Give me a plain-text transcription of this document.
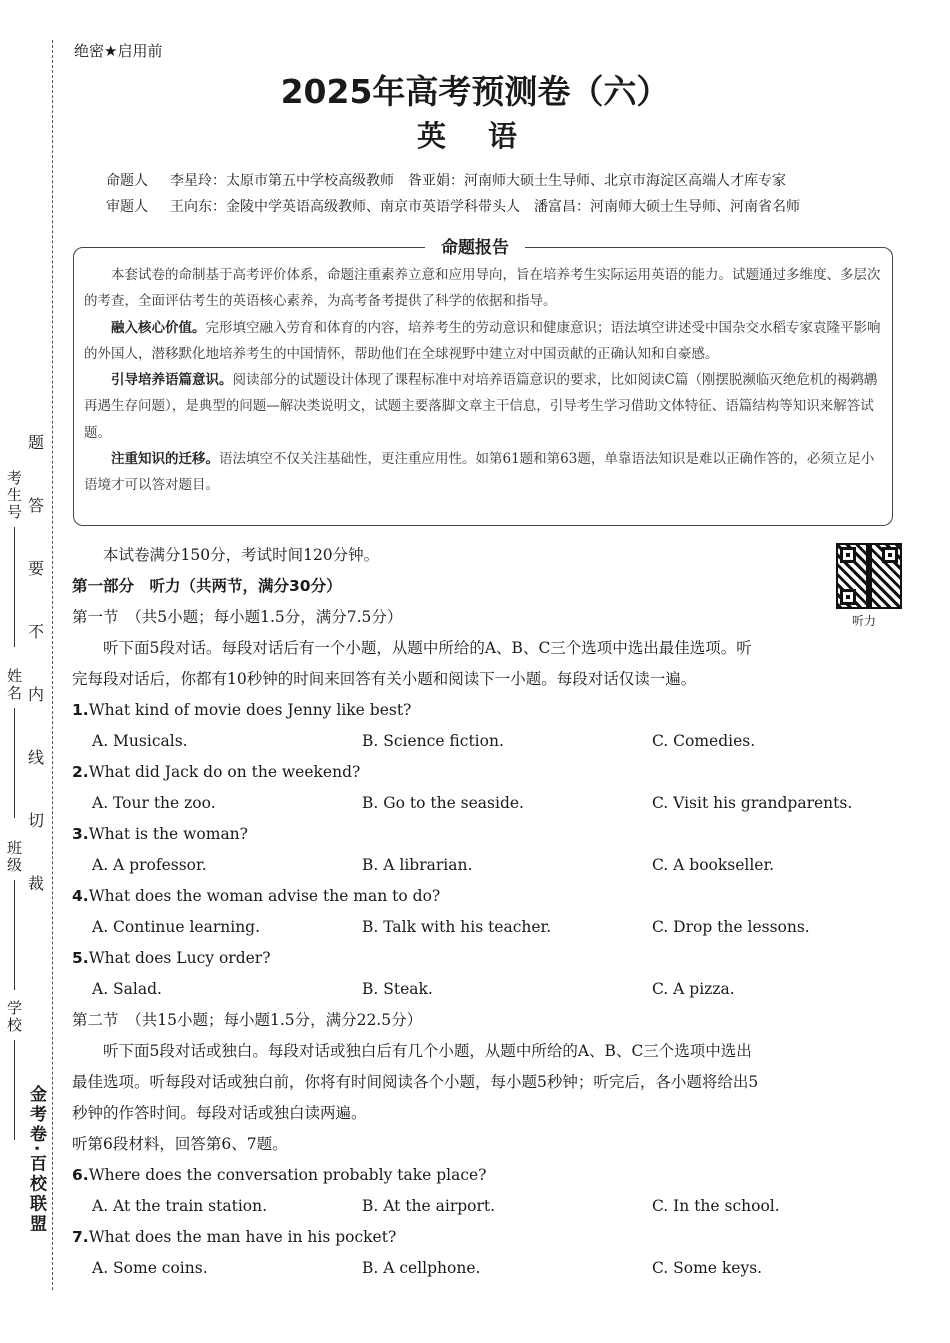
学校
班级
姓名
考生号
题
答
要
不
内
线
切
裁
金考卷·百校联盟
绝密★启用前
2025年高考预测卷（六）
英 语
命题人 李星玲：太原市第五中学校高级教师　昝亚娟：河南师大硕士生导师、北京市海淀区高端人才库专家
审题人 王向东：金陵中学英语高级教师、南京市英语学科带头人　潘富昌：河南师大硕士生导师、河南省名师
命题报告

本套试卷的命制基于高考评价体系，命题注重素养立意和应用导向，旨在培养考生实际运用英语的能力。试题通过多维度、多层次的考查，全面评估考生的英语核心素养，为高考备考提供了科学的依据和指导。

融入核心价值。完形填空融入劳育和体育的内容，培养考生的劳动意识和健康意识；语法填空讲述受中国杂交水稻专家袁隆平影响的外国人，潜移默化地培养考生的中国情怀，帮助他们在全球视野中建立对中国贡献的正确认知和自豪感。

引导培养语篇意识。阅读部分的试题设计体现了课程标准中对培养语篇意识的要求，比如阅读C篇（刚摆脱濒临灭绝危机的褐鹈鹕再遇生存问题），是典型的问题—解决类说明文，试题主要落脚文章主干信息，引导考生学习借助文体特征、语篇结构等知识来解答试题。

注重知识的迁移。语法填空不仅关注基础性，更注重应用性。如第61题和第63题，单靠语法知识是难以正确作答的，必须立足小语境才可以答对题目。

听力
本试卷满分150分，考试时间120分钟。
第一部分　听力（共两节，满分30分）
第一节　（共5小题；每小题1.5分，满分7.5分）
听下面5段对话。每段对话后有一个小题，从题中所给的A、B、C三个选项中选出最佳选项。听
完每段对话后，你都有10秒钟的时间来回答有关小题和阅读下一小题。每段对话仅读一遍。
1.What kind of movie does Jenny like best?
A. Musicals.	B. Science fiction.	C. Comedies.
2.What did Jack do on the weekend?
A. Tour the zoo.	B. Go to the seaside.	C. Visit his grandparents.
3.What is the woman?
A. A professor.	B. A librarian.	C. A bookseller.
4.What does the woman advise the man to do?
A. Continue learning.	B. Talk with his teacher.	C. Drop the lessons.
5.What does Lucy order?
A. Salad.	B. Steak.	C. A pizza.
第二节　（共15小题；每小题1.5分，满分22.5分）
听下面5段对话或独白。每段对话或独白后有几个小题，从题中所给的A、B、C三个选项中选出
最佳选项。听每段对话或独白前，你将有时间阅读各个小题，每小题5秒钟；听完后，各小题将给出5
秒钟的作答时间。每段对话或独白读两遍。
听第6段材料，回答第6、7题。
6.Where does the conversation probably take place?
A. At the train station.	B. At the airport.	C. In the school.
7.What does the man have in his pocket?
A. Some coins.	B. A cellphone.	C. Some keys.
